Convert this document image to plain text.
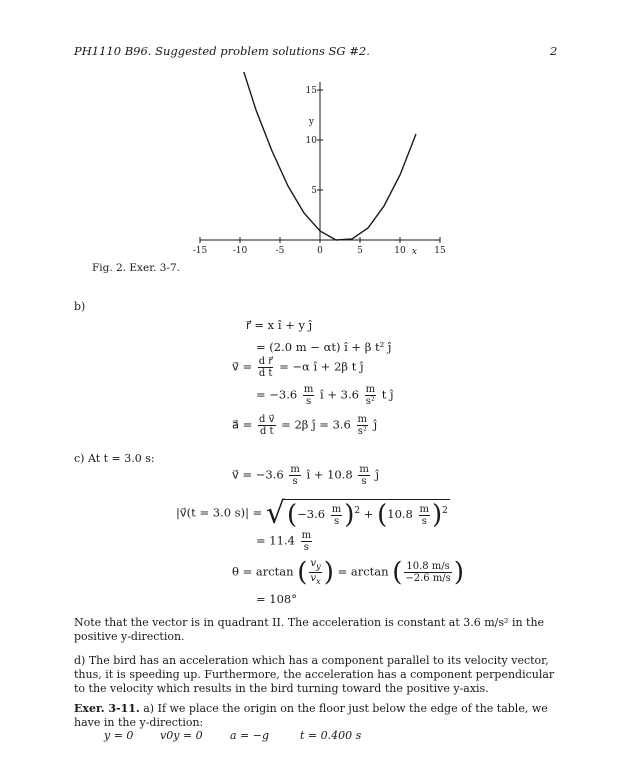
PH1110 B96. Suggested problem solutions SG #2.	2
-15	-10	-5	0	5	10	15
15
10
5
y
x
Fig. 2. Exer. 3-7.
b)
r⃗ = x î + y ĵ
= (2.0 m − αt) î + β t² ĵ
v⃗ = $\frac{\text{d r⃗}}{\text{d t}} = -\alpha$ î + 2β t ĵ
= $-3.6 \frac{m}{s}$ î + $3.6 \frac{m}{\text{s²}}$ t ĵ
a⃗ = $\frac{\text{d v⃗}}{\text{d t}} = 2\beta$ ĵ = $3.6 \frac{m}{\text{s²}}$ ĵ
c) At t = 3.0 s:
v⃗ = $-3.6 \frac{m}{s}$ î + $10.8 \frac{m}{s}$ ĵ
|v⃗(t = 3.0 $s)| = √(-3.6 \frac{m}{s} )^2 + (10.8 \frac{m}{s} )^2$
= $11.4 \frac{m}{s}$
θ = arctan ( $\frac{v_y}{v_x}$ ) = arctan ( $\frac{10.8 m/s}{-2.6 m/s}$ )
= 108°
Note that the vector is in quadrant II. The acceleration is constant at 3.6 m/s² in the positive y-direction.
d) The bird has an acceleration which has a component parallel to its velocity vector, thus, it is speeding up. Furthermore, the acceleration has a component perpendicular to the velocity which results in the bird turning toward the positive y-axis.
Exer. 3-11. a) If we place the origin on the floor just below the edge of the table, we have in the y-direction:
y = 0 v0y = 0 a = −g	t = 0.400 s
